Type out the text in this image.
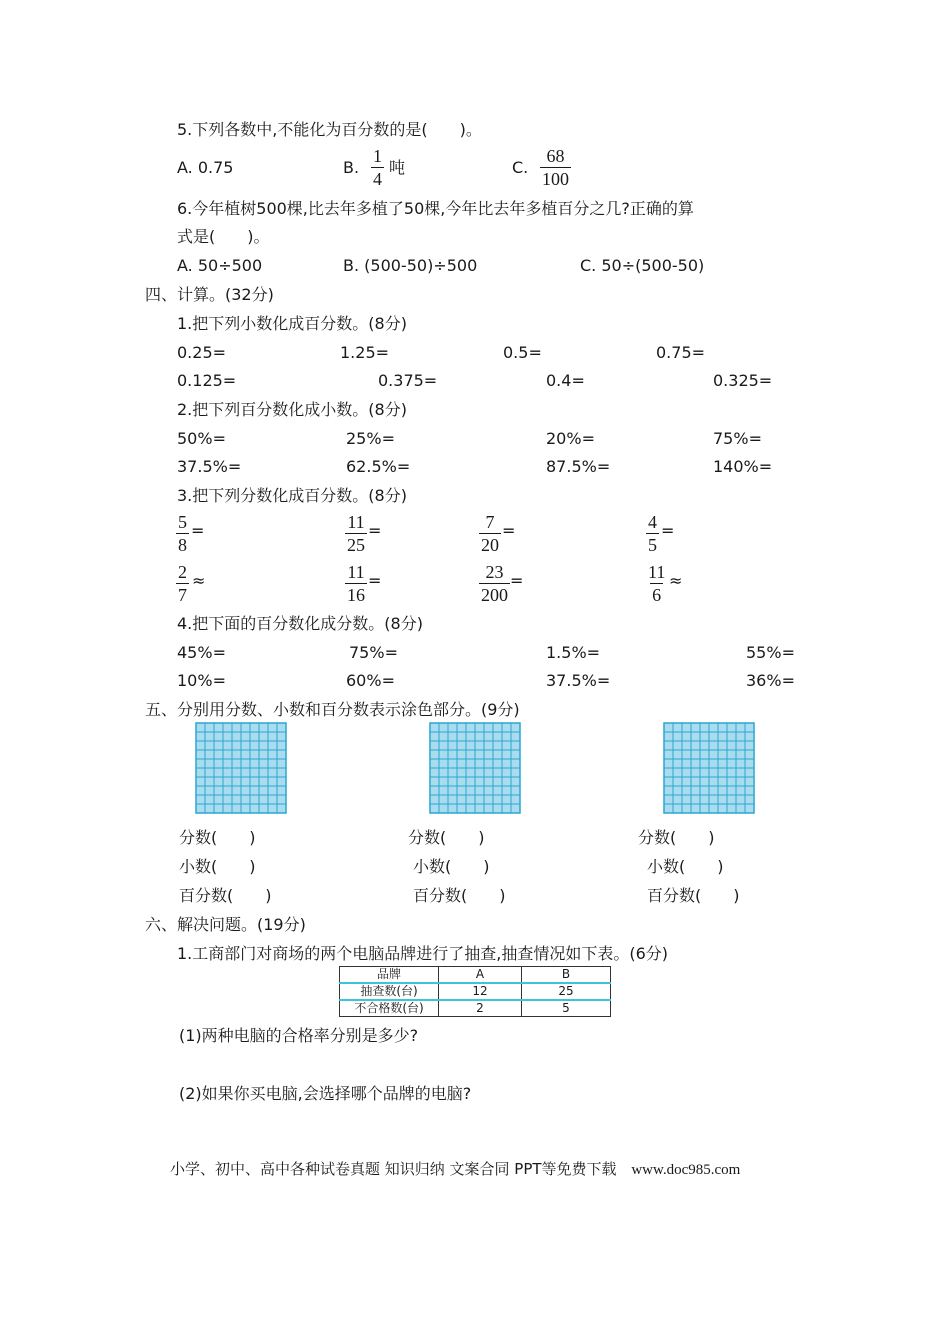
5.下列各数中,不能化为百分数的是(　　)。
A. 0.75	B. $\frac{1}{4}$ 吨	C. $\frac{68}{100}$
6.今年植树500棵,比去年多植了50棵,今年比去年多植百分之几?正确的算
式是(　　)。
A. 50÷500	B. (500-50)÷500	C. 50÷(500-50)
四、计算。(32分)
1.把下列小数化成百分数。(8分)
0.25=	1.25=	0.5=	0.75=
0.125=	0.375=	0.4=	0.325=
2.把下列百分数化成小数。(8分)
50%=	25%=	20%=	75%=
37.5%=	62.5%=	87.5%=	140%=
3.把下列分数化成百分数。(8分)
$\frac{5}{8}$ =	$\frac{11}{25}$ =	$\frac{7}{20}$ =	$\frac{4}{5}$ =
$\frac{2}{7}$ ≈	$\frac{11}{16}$ =	$\frac{23}{200}$ =	$\frac{11}{6}$ ≈
4.把下面的百分数化成分数。(8分)
45%=	75%=	1.5%=	55%=
10%=	60%=	37.5%=	36%=
五、分别用分数、小数和百分数表示涂色部分。(9分)
分数(　　)
小数(　　)
百分数(　　)
分数(　　)
小数(　　)
百分数(　　)
分数(　　)
小数(　　)
百分数(　　)
六、解决问题。(19分)
1.工商部门对商场的两个电脑品牌进行了抽查,抽查情况如下表。(6分)
品牌	A	B
抽查数(台)	12	25
不合格数(台)	2	5
(1)两种电脑的合格率分别是多少?
(2)如果你买电脑,会选择哪个品牌的电脑?
小学、初中、高中各种试卷真题 知识归纳 文案合同 PPT等免费下载 www.doc985.com
